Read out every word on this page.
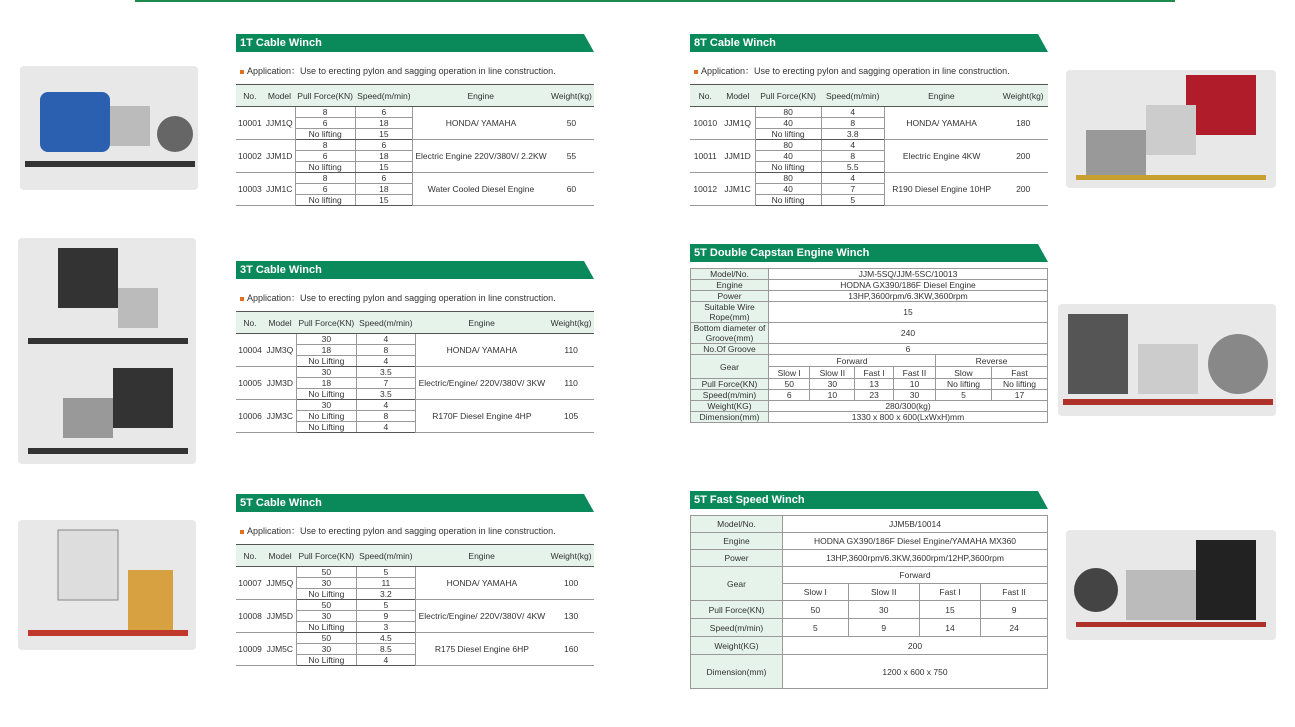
1T Cable Winch
Application：Use to erecting pylon and sagging operation in line construction.
No.	Model	Pull Force(KN)	Speed(m/min)	Engine	Weight(kg)
10001	JJM1Q	8	6	HONDA/ YAMAHA	50
		6	18		
		No lifting	15		
10002	JJM1D	8	6	Electric Engine 220V/380V/ 2.2KW	55
		6	18		
		No lifting	15		
10003	JJM1C	8	6	Water Cooled Diesel Engine	60
		6	18		
		No lifting	15		
3T Cable Winch
Application：Use to erecting pylon and sagging operation in line construction.
No.	Model	Pull Force(KN)	Speed(m/min)	Engine	Weight(kg)
10004	JJM3Q	30	4	HONDA/ YAMAHA	110
		18	8		
		No Lifting	4		
10005	JJM3D	30	3.5	Electric/Engine/ 220V/380V/ 3KW	110
		18	7		
		No Lifting	3.5		
10006	JJM3C	30	4	R170F Diesel Engine 4HP	105
		No Lifting	8		
		No Lifting	4		
5T Cable Winch
Application：Use to erecting pylon and sagging operation in line construction.
No.	Model	Pull Force(KN)	Speed(m/min)	Engine	Weight(kg)
10007	JJM5Q	50	5	HONDA/ YAMAHA	100
		30	11		
		No Lifting	3.2		
10008	JJM5D	50	5	Electric/Engine/ 220V/380V/ 4KW	130
		30	9		
		No Lifting	3		
10009	JJM5C	50	4.5	R175 Diesel Engine 6HP	160
		30	8.5		
		No Lifting	4		
8T Cable Winch
Application：Use to erecting pylon and sagging operation in line construction.
No.	Model	Pull Force(KN)	Speed(m/min)	Engine	Weight(kg)
10010	JJM1Q	80	4	HONDA/ YAMAHA	180
		40	8		
		No lifting	3.8		
10011	JJM1D	80	4	Electric Engine 4KW	200
		40	8		
		No lifting	5.5		
10012	JJM1C	80	4	R190 Diesel Engine 10HP	200
		40	7		
		No lifting	5		
5T Double Capstan Engine Winch
Model/No.	JJM-5SQ/JJM-5SC/10013					
Engine	HODNA GX390/186F Diesel Engine					
Power	13HP,3600rpm/6.3KW,3600rpm					
Suitable Wire Rope(mm)	15					
Bottom diameter of Groove(mm)	240					
No.Of Groove	6					
Gear	Forward				Reverse	
	Slow I	Slow II	Fast I	Fast II	Slow	Fast
Pull Force(KN)	50	30	13	10	No lifting	No lifting
Speed(m/min)	6	10	23	30	5	17
Weight(KG)	280/300(kg)					
Dimension(mm)	1330 x 800 x 600(LxWxH)mm					
5T Fast Speed Winch
Model/No.	JJM5B/10014			
Engine	HODNA GX390/186F Diesel Engine/YAMAHA MX360			
Power	13HP,3600rpm/6.3KW,3600rpm/12HP,3600rpm			
Gear	Forward			
	Slow I	Slow II	Fast I	Fast II
Pull Force(KN)	50	30	15	9
Speed(m/min)	5	9	14	24
Weight(KG)	200			
Dimension(mm)	1200 x 600 x 750			
